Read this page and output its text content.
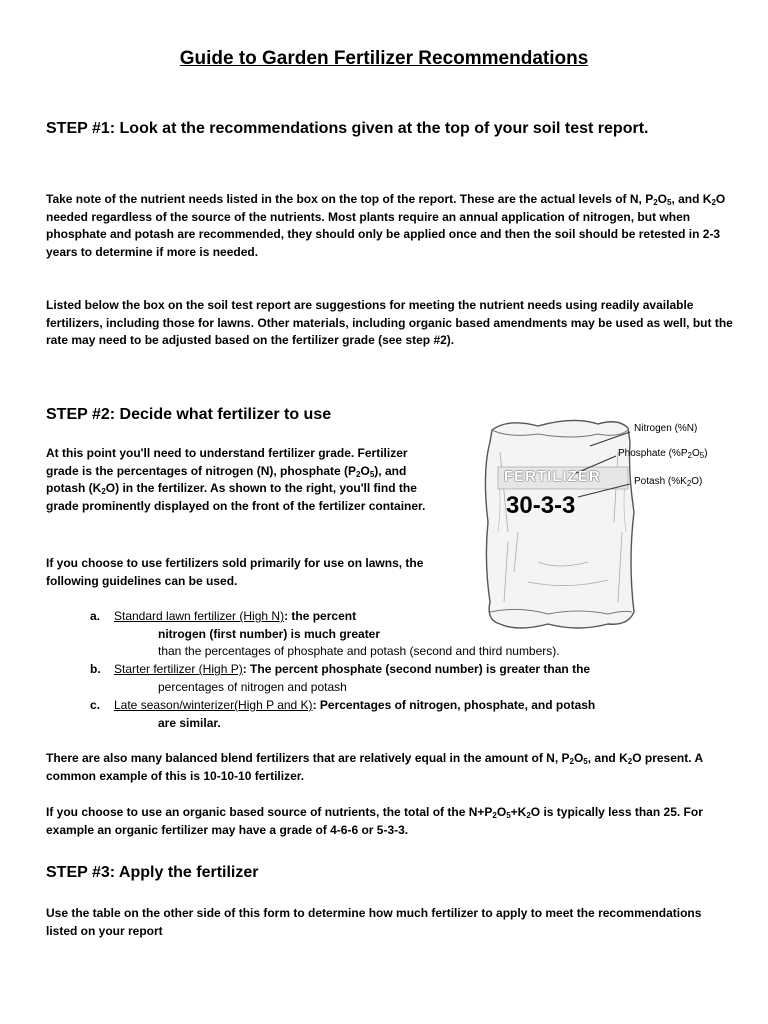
Guide to Garden Fertilizer Recommendations
STEP #1: Look at the recommendations given at the top of your soil test report.
Take note of the nutrient needs listed in the box on the top of the report. These are the actual levels of N, $P_2O_5$, and $K_2O$ needed regardless of the source of the nutrients. Most plants require an annual application of nitrogen, but when phosphate and potash are recommended, they should only be applied once and then the soil should be retested in 2-3 years to determine if more is needed.
Listed below the box on the soil test report are suggestions for meeting the nutrient needs using readily available fertilizers, including those for lawns. Other materials, including organic based amendments may be used as well, but the rate may need to be adjusted based on the fertilizer grade (see step #2).
STEP #2: Decide what fertilizer to use
At this point you'll need to understand fertilizer grade. Fertilizer grade is the percentages of nitrogen (N), phosphate $(P_2O_5)$, and potash $(K_2O)$ in the fertilizer. As shown to the right, you'll find the grade prominently displayed on the front of the fertilizer container.
If you choose to use fertilizers sold primarily for use on lawns, the following guidelines can be used.
a. Standard lawn fertilizer (High N): the percent
nitrogen (first number) is much greater
than the percentages of phosphate and potash (second and third numbers).
b. Starter fertilizer (High P): The percent phosphate (second number) is greater than the
percentages of nitrogen and potash
c. Late season/winterizer(High P and K): Percentages of nitrogen, phosphate, and potash
are similar.
There are also many balanced blend fertilizers that are relatively equal in the amount of N, $P_2O_5$, and $K_2O$ present. A common example of this is 10-10-10 fertilizer.
If you choose to use an organic based source of nutrients, the total of the $N+P_2O_5+K_2O$ is typically less than 25. For example an organic fertilizer may have a grade of 4-6-6 or 5-3-3.
FERTILIZER
30-3-3
Nitrogen (%N)
Phosphate $(\%P_2O_5)$
Potash $(\%K_2O)$
STEP #3: Apply the fertilizer
Use the table on the other side of this form to determine how much fertilizer to apply to meet the recommendations listed on your report
